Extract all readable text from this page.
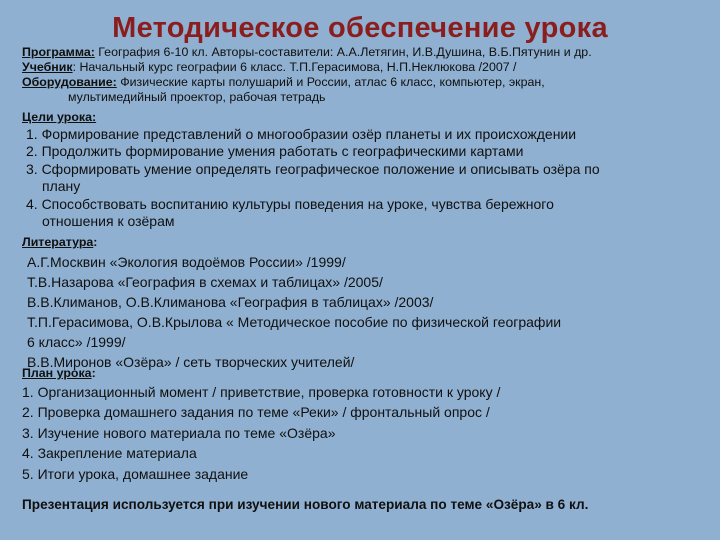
Методическое обеспечение урока
Программа: География 6-10 кл. Авторы-составители: А.А.Летягин, И.В.Душина, В.Б.Пятунин и др.
Учебник: Начальный курс географии 6 класс. Т.П.Герасимова, Н.П.Неклюкова /2007 /
Оборудование: Физические карты полушарий и России, атлас 6 класс, компьютер, экран,
мультимедийный проектор, рабочая тетрадь
Цели урока:
1. Формирование представлений о многообразии озёр планеты и их происхождении
2. Продолжить формирование умения работать с географическими картами
3. Сформировать умение определять географическое положение и описывать озёра по
плану
4. Способствовать воспитанию культуры поведения на уроке, чувства бережного
отношения к озёрам
Литература:
А.Г.Москвин «Экология водоёмов России» /1999/
Т.В.Назарова «География в схемах и таблицах» /2005/
В.В.Климанов, О.В.Климанова «География в таблицах» /2003/
Т.П.Герасимова, О.В.Крылова « Методическое пособие по физической географии
6 класс» /1999/
В.В.Миронов «Озёра» / сеть творческих учителей/
План урока:
1. Организационный момент / приветствие, проверка готовности к уроку /
2. Проверка домашнего задания по теме «Реки» / фронтальный опрос /
3. Изучение нового материала по теме «Озёра»
4. Закрепление материала
5. Итоги урока, домашнее задание
Презентация используется при изучении нового материала по теме «Озёра» в 6 кл.
